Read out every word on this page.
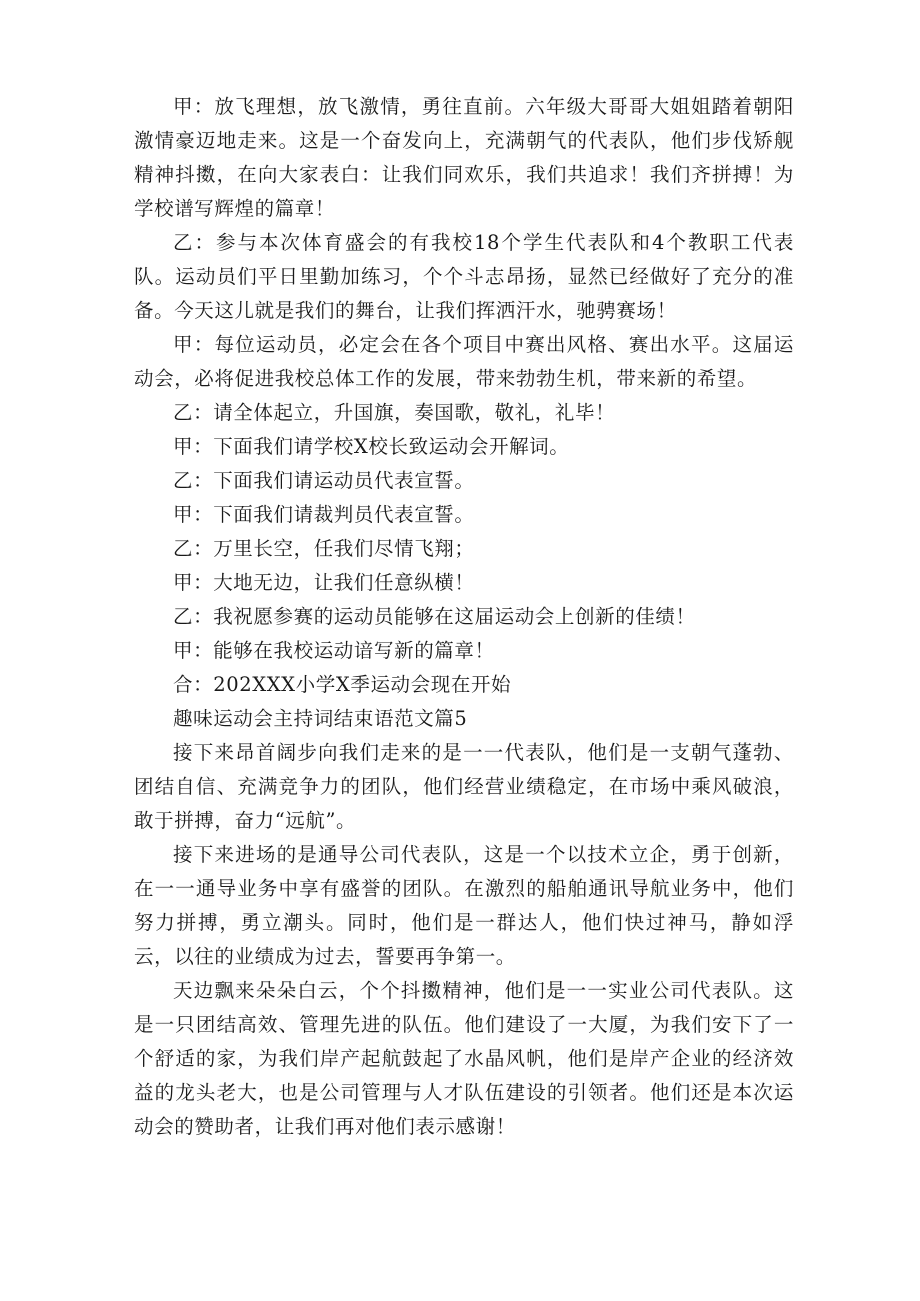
甲：放飞理想，放飞激情，勇往直前。六年级大哥哥大姐姐踏着朝阳激情豪迈地走来。这是一个奋发向上，充满朝气的代表队，他们步伐矫舰精神抖擞，在向大家表白：让我们同欢乐，我们共追求！我们齐拼搏！为学校谱写辉煌的篇章！

乙：参与本次体育盛会的有我校18个学生代表队和4个教职工代表队。运动员们平日里勤加练习，个个斗志昂扬，显然已经做好了充分的准备。今天这儿就是我们的舞台，让我们挥洒汗水，驰骋赛场！

甲：每位运动员，必定会在各个项目中赛出风格、赛出水平。这届运动会，必将促进我校总体工作的发展，带来勃勃生机，带来新的希望。

乙：请全体起立，升国旗，奏国歌，敬礼，礼毕！

甲：下面我们请学校X校长致运动会开解词。

乙：下面我们请运动员代表宣誓。

甲：下面我们请裁判员代表宣誓。

乙：万里长空，任我们尽情飞翔；

甲：大地无边，让我们任意纵横！

乙：我祝愿参赛的运动员能够在这届运动会上创新的佳绩！

甲：能够在我校运动谙写新的篇章！

合：202XXX小学X季运动会现在开始

趣味运动会主持词结束语范文篇5

接下来昂首阔步向我们走来的是一一代表队，他们是一支朝气蓬勃、团结自信、充满竞争力的团队，他们经营业绩稳定，在市场中乘风破浪，敢于拼搏，奋力“远航”。

接下来进场的是通导公司代表队，这是一个以技术立企，勇于创新，在一一通导业务中享有盛誉的团队。在激烈的船舶通讯导航业务中，他们努力拼搏，勇立潮头。同时，他们是一群达人，他们快过神马，静如浮云，以往的业绩成为过去，誓要再争第一。

天边飘来朵朵白云，个个抖擞精神，他们是一一实业公司代表队。这是一只团结高效、管理先进的队伍。他们建设了一大厦，为我们安下了一个舒适的家，为我们岸产起航鼓起了水晶风帆，他们是岸产企业的经济效益的龙头老大，也是公司管理与人才队伍建设的引领者。他们还是本次运动会的赞助者，让我们再对他们表示感谢！
